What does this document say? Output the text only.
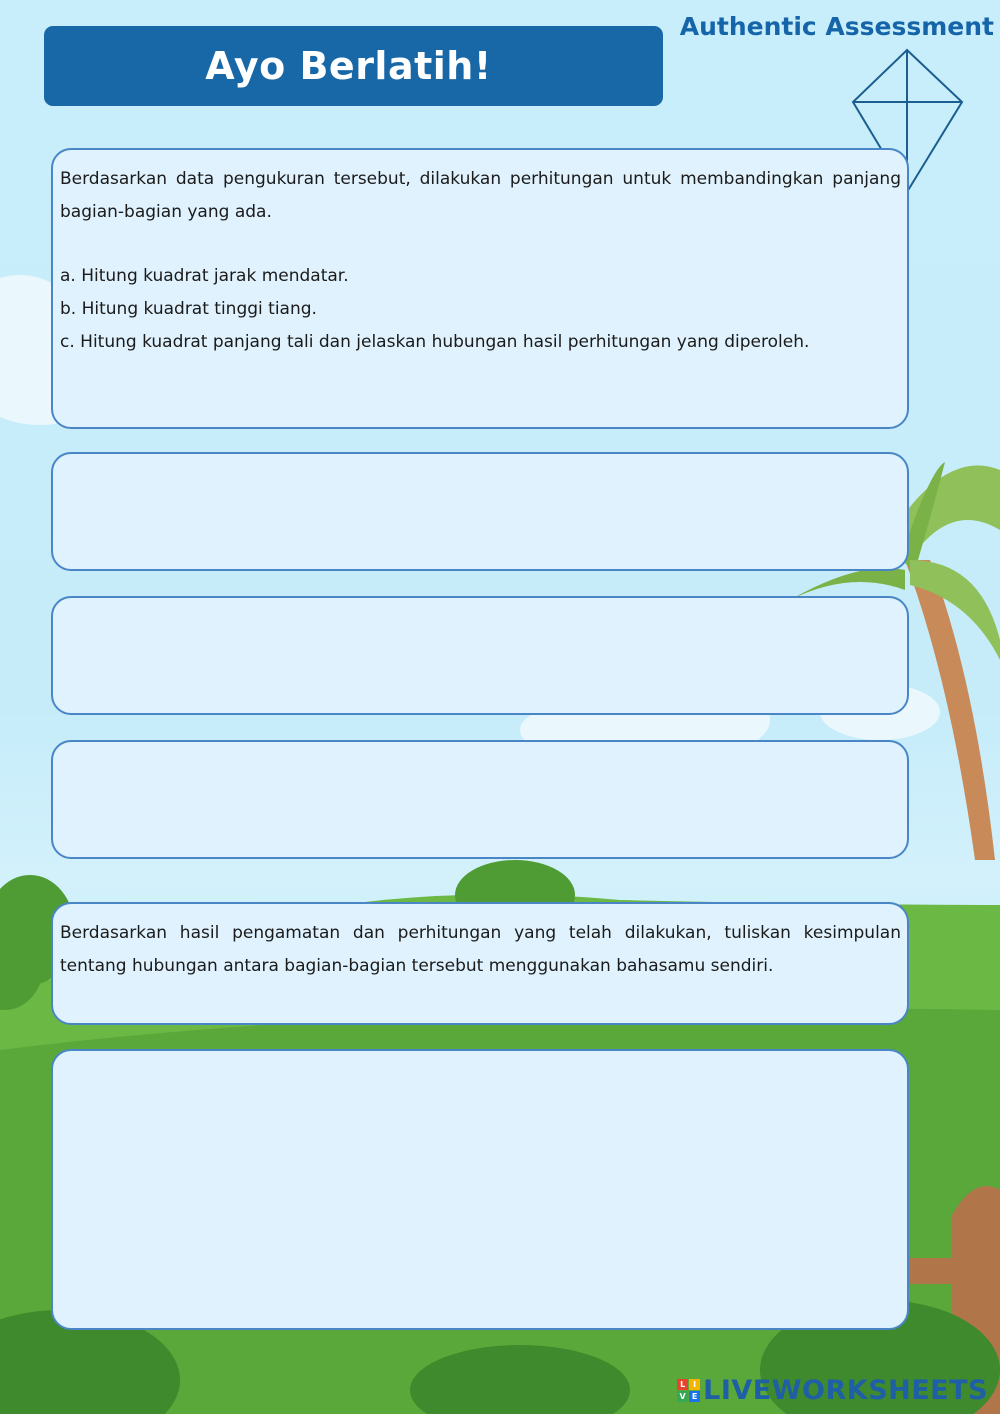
Ayo Berlatih!
Authentic Assessment

Berdasarkan data pengukuran tersebut, dilakukan perhitungan untuk membandingkan panjang bagian-bagian yang ada.

a. Hitung kuadrat jarak mendatar.

b. Hitung kuadrat tinggi tiang.

c. Hitung kuadrat panjang tali dan jelaskan hubungan hasil perhitungan yang diperoleh.

Berdasarkan hasil pengamatan dan perhitungan yang telah dilakukan, tuliskan kesimpulan tentang hubungan antara bagian-bagian tersebut menggunakan bahasamu sendiri.

L I
V E LIVEWORKSHEETS
